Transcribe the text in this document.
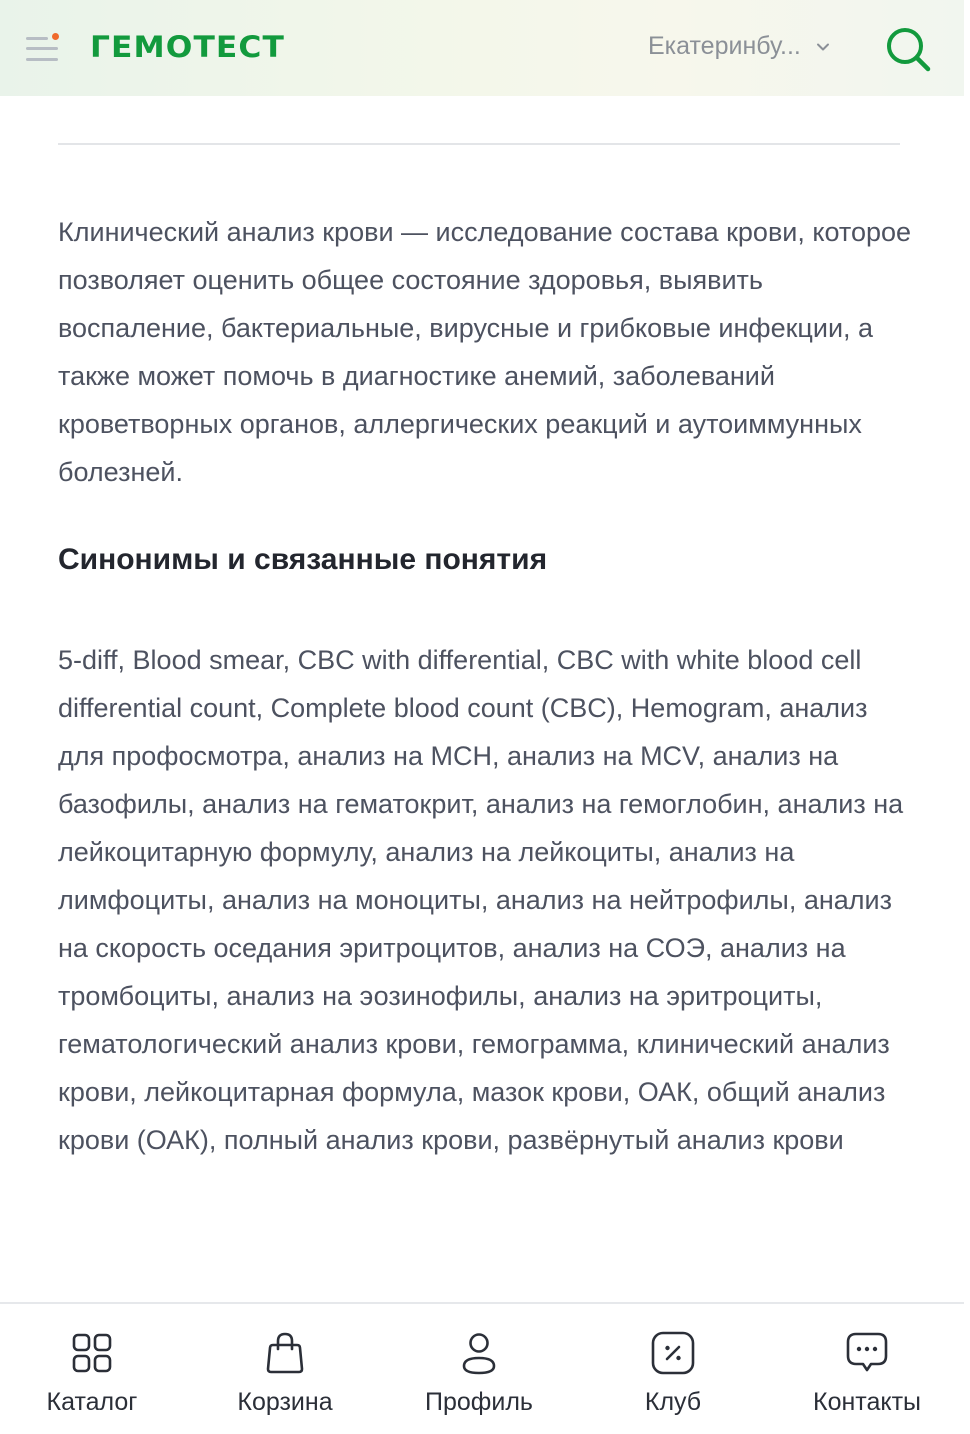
ГЕМОТЕСТ	Екатеринбу...

Клинический анализ крови — исследование состава крови, которое позволяет оценить общее состояние здоровья, выявить воспаление, бактериальные, вирусные и грибковые инфекции, а также может помочь в диагностике анемий, заболеваний кроветворных органов, аллергических реакций и аутоиммунных болезней.

Синонимы и связанные понятия

5-diff, Blood smear, CBC with differential, CBC with white blood cell differential count, Complete blood count (CBC), Hemogram, анализ для профосмотра, анализ на MCH, анализ на MCV, анализ на базофилы, анализ на гематокрит, анализ на гемоглобин, анализ на лейкоцитарную формулу, анализ на лейкоциты, анализ на лимфоциты, анализ на моноциты, анализ на нейтрофилы, анализ на скорость оседания эритроцитов, анализ на СОЭ, анализ на тромбоциты, анализ на эозинофилы, анализ на эритроциты, гематологический анализ крови, гемограмма, клинический анализ крови, лейкоцитарная формула, мазок крови, ОАК, общий анализ крови (ОАК), полный анализ крови, развёрнутый анализ крови

Каталог	Корзина	Профиль	Клуб	Контакты
